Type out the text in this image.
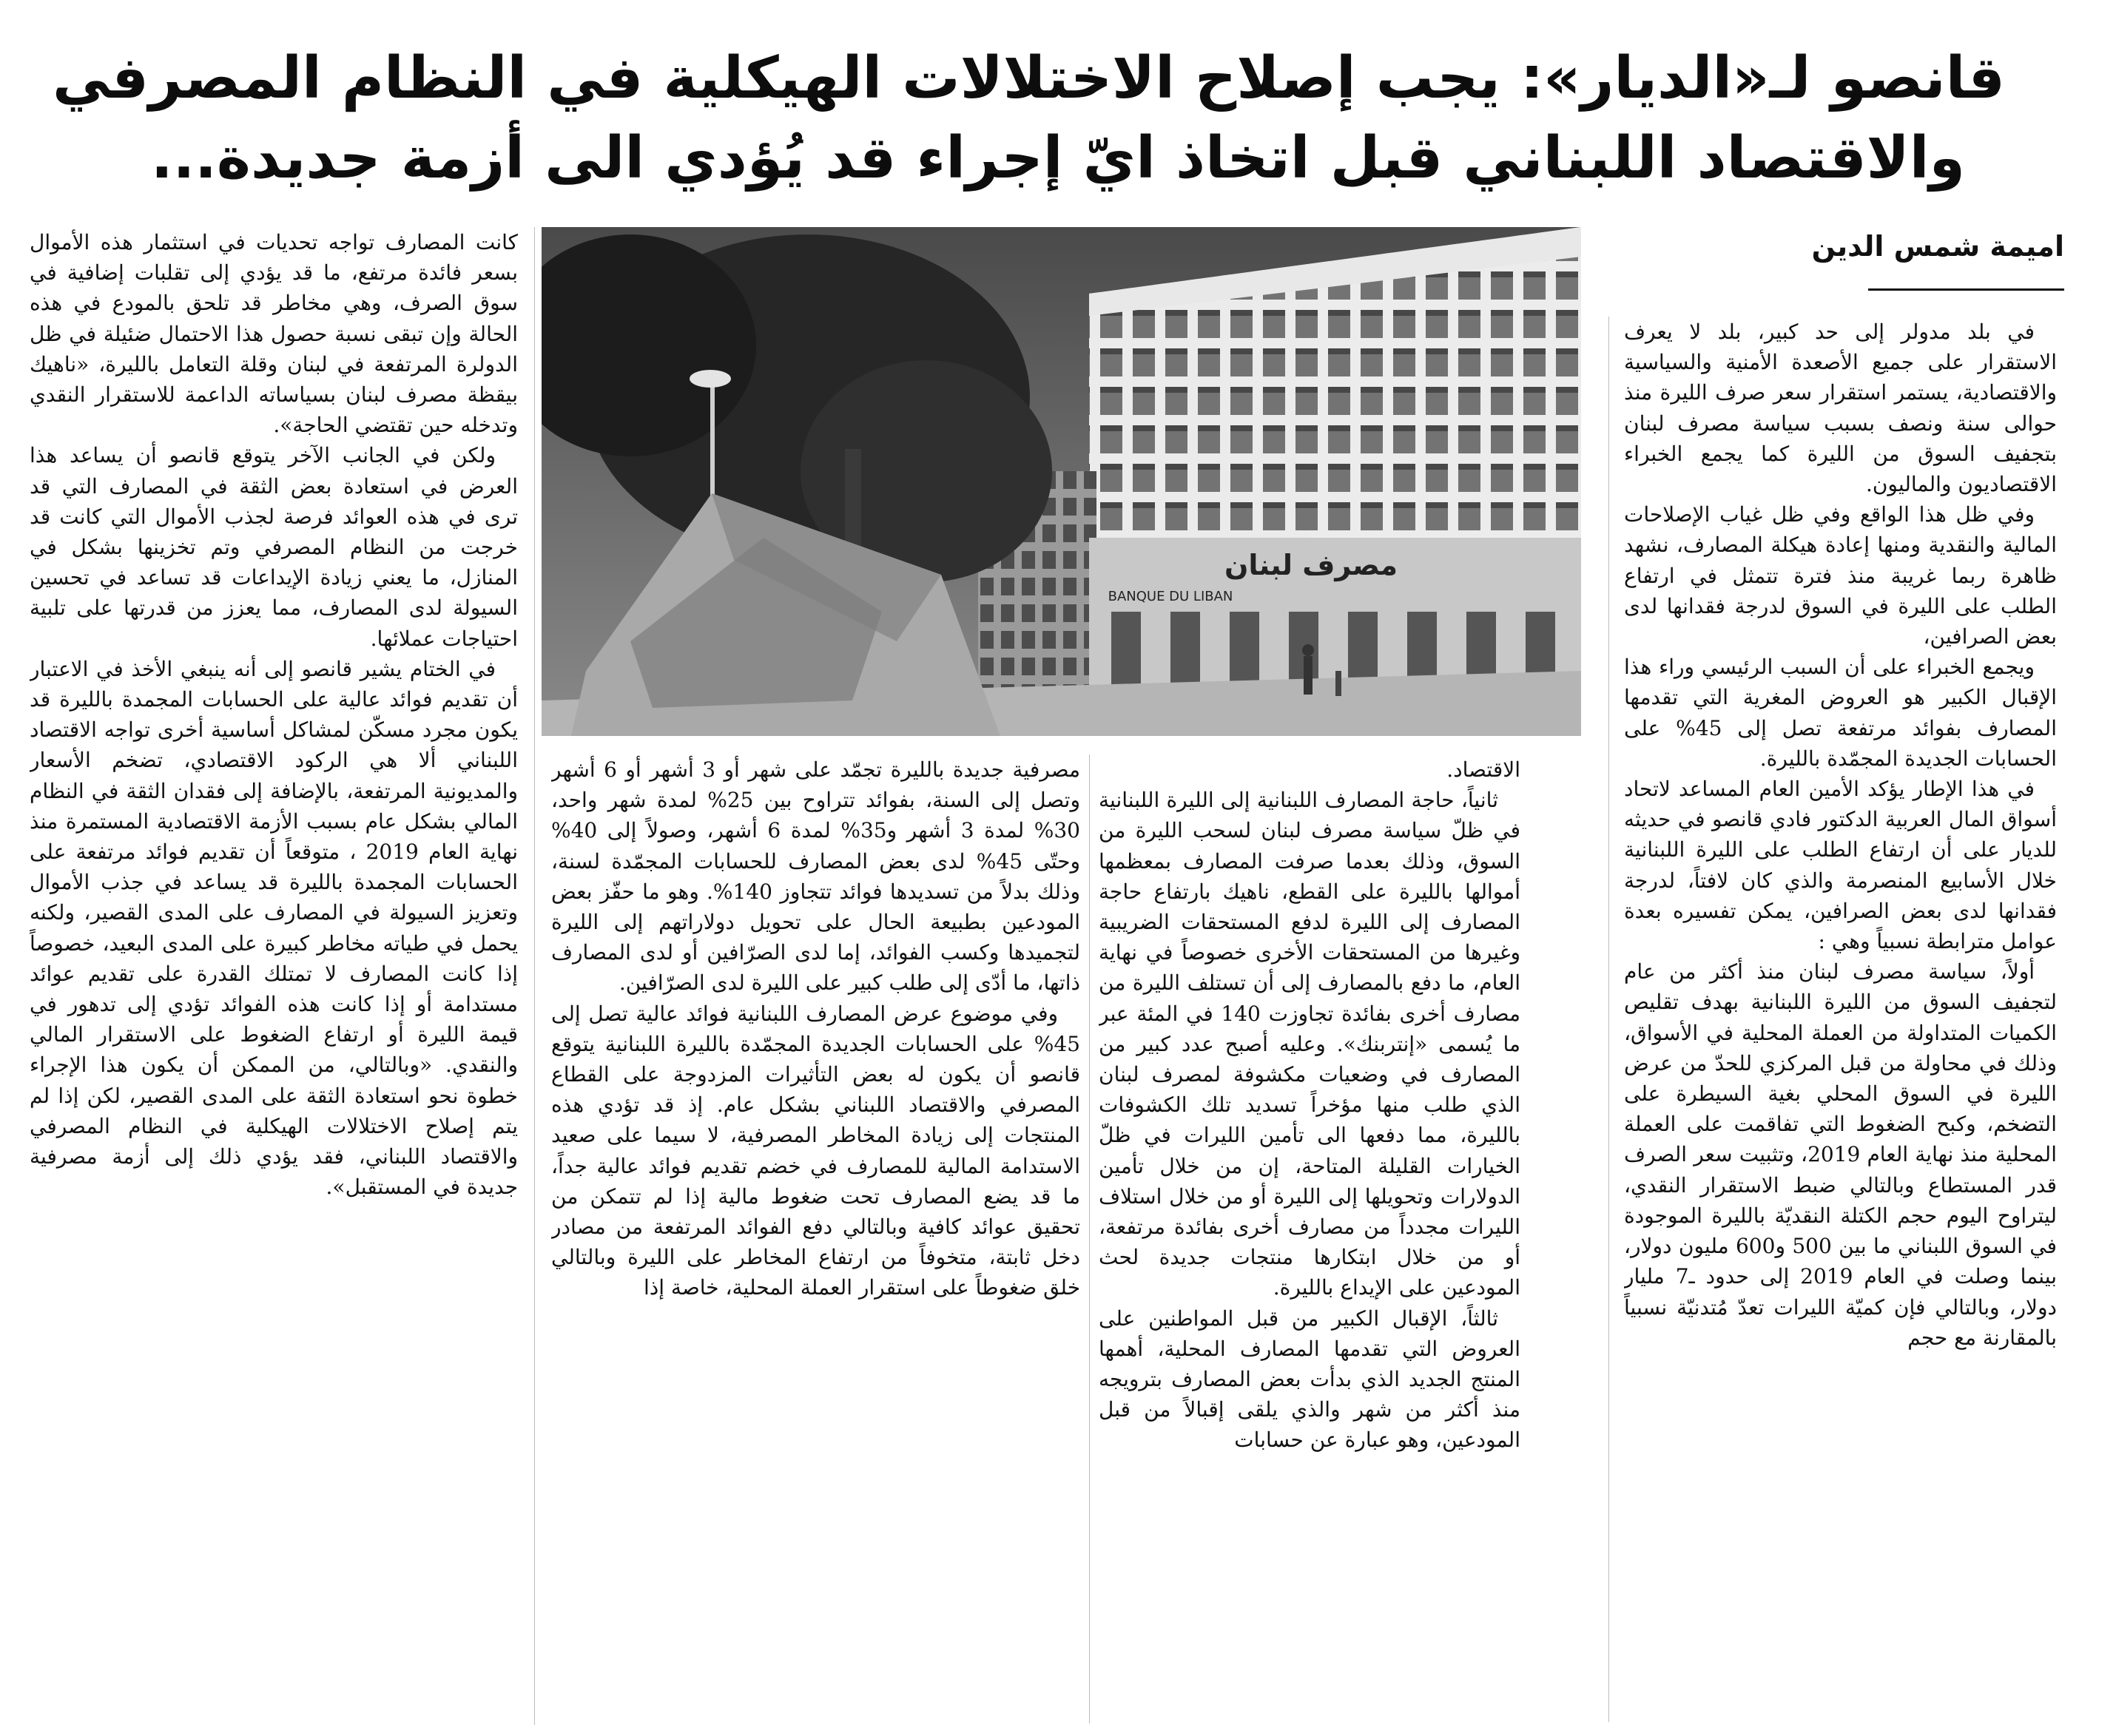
قانصو لـ«الديار»: يجب إصلاح الاختلالات الهيكلية في النظام المصرفي
والاقتصاد اللبناني قبل اتخاذ ايّ إجراء قد يُؤدي الى أزمة جديدة...
مصرف لبنان
BANQUE DU LIBAN
اميمة شمس الدين

في بلد مدولر إلى حد كبير، بلد لا يعرف الاستقرار على جميع الأصعدة الأمنية والسياسية والاقتصادية، يستمر استقرار سعر صرف الليرة منذ حوالى سنة ونصف بسبب سياسة مصرف لبنان بتجفيف السوق من الليرة كما يجمع الخبراء الاقتصاديون والماليون.

وفي ظل هذا الواقع وفي ظل غياب الإصلاحات المالية والنقدية ومنها إعادة هيكلة المصارف، نشهد ظاهرة ربما غريبة منذ فترة تتمثل في ارتفاع الطلب على الليرة في السوق لدرجة فقدانها لدى بعض الصرافين،

ويجمع الخبراء على أن السبب الرئيسي وراء هذا الإقبال الكبير هو العروض المغرية التي تقدمها المصارف بفوائد مرتفعة تصل إلى 45% على الحسابات الجديدة المجمّدة بالليرة.

في هذا الإطار يؤكد الأمين العام المساعد لاتحاد أسواق المال العربية الدكتور فادي قانصو في حديثه للديار على أن ارتفاع الطلب على الليرة اللبنانية خلال الأسابيع المنصرمة والذي كان لافتاً، لدرجة فقدانها لدى بعض الصرافين، يمكن تفسيره بعدة عوامل مترابطة نسبياً وهي :

أولاً، سياسة مصرف لبنان منذ أكثر من عام لتجفيف السوق من الليرة اللبنانية بهدف تقليص الكميات المتداولة من العملة المحلية في الأسواق، وذلك في محاولة من قبل المركزي للحدّ من عرض الليرة في السوق المحلي بغية السيطرة على التضخم، وكبح الضغوط التي تفاقمت على العملة المحلية منذ نهاية العام 2019، وتثبيت سعر الصرف قدر المستطاع وبالتالي ضبط الاستقرار النقدي، ليتراوح اليوم حجم الكتلة النقديّة بالليرة الموجودة في السوق اللبناني ما بين 500 و600 مليون دولار، بينما وصلت في العام 2019 إلى حدود ـ7 مليار دولار، وبالتالي فإن كميّة الليرات تعدّ مُتدنيّة نسبياً بالمقارنة مع حجم

الاقتصاد.

ثانياً، حاجة المصارف اللبنانية إلى الليرة اللبنانية في ظلّ سياسة مصرف لبنان لسحب الليرة من السوق، وذلك بعدما صرفت المصارف بمعظمها أموالها بالليرة على القطع، ناهيك بارتفاع حاجة المصارف إلى الليرة لدفع المستحقات الضريبية وغيرها من المستحقات الأخرى خصوصاً في نهاية العام، ما دفع بالمصارف إلى أن تستلف الليرة من مصارف أخرى بفائدة تجاوزت 140 في المئة عبر ما يُسمى «إنتربنك». وعليه أصبح عدد كبير من المصارف في وضعيات مكشوفة لمصرف لبنان الذي طلب منها مؤخراً تسديد تلك الكشوفات بالليرة، مما دفعها الى تأمين الليرات في ظلّ الخيارات القليلة المتاحة، إن من خلال تأمين الدولارات وتحويلها إلى الليرة أو من خلال استلاف الليرات مجدداً من مصارف أخرى بفائدة مرتفعة، أو من خلال ابتكارها منتجات جديدة لحث المودعين على الإيداع بالليرة.

ثالثاً، الإقبال الكبير من قبل المواطنين على العروض التي تقدمها المصارف المحلية، أهمها المنتج الجديد الذي بدأت بعض المصارف بترويجه منذ أكثر من شهر والذي يلقى إقبالاً من قبل المودعين، وهو عبارة عن حسابات

مصرفية جديدة بالليرة تجمّد على شهر أو 3 أشهر أو 6 أشهر وتصل إلى السنة، بفوائد تتراوح بين 25% لمدة شهر واحد، 30% لمدة 3 أشهر و35% لمدة 6 أشهر، وصولاً إلى 40% وحتّى 45% لدى بعض المصارف للحسابات المجمّدة لسنة، وذلك بدلاً من تسديدها فوائد تتجاوز 140%. وهو ما حفّز بعض المودعين بطبيعة الحال على تحويل دولاراتهم إلى الليرة لتجميدها وكسب الفوائد، إما لدى الصرّافين أو لدى المصارف ذاتها، ما أدّى إلى طلب كبير على الليرة لدى الصرّافين.

وفي موضوع عرض المصارف اللبنانية فوائد عالية تصل إلى 45% على الحسابات الجديدة المجمّدة بالليرة اللبنانية يتوقع قانصو أن يكون له بعض التأثيرات المزدوجة على القطاع المصرفي والاقتصاد اللبناني بشكل عام. إذ قد تؤدي هذه المنتجات إلى زيادة المخاطر المصرفية، لا سيما على صعيد الاستدامة المالية للمصارف في خضم تقديم فوائد عالية جداً، ما قد يضع المصارف تحت ضغوط مالية إذا لم تتمكن من تحقيق عوائد كافية وبالتالي دفع الفوائد المرتفعة من مصادر دخل ثابتة، متخوفاً من ارتفاع المخاطر على الليرة وبالتالي خلق ضغوطاً على استقرار العملة المحلية، خاصة إذا

كانت المصارف تواجه تحديات في استثمار هذه الأموال بسعر فائدة مرتفع، ما قد يؤدي إلى تقلبات إضافية في سوق الصرف، وهي مخاطر قد تلحق بالمودع في هذه الحالة وإن تبقى نسبة حصول هذا الاحتمال ضئيلة في ظل الدولرة المرتفعة في لبنان وقلة التعامل بالليرة، «ناهيك بيقظة مصرف لبنان بسياساته الداعمة للاستقرار النقدي وتدخله حين تقتضي الحاجة».

ولكن في الجانب الآخر يتوقع قانصو أن يساعد هذا العرض في استعادة بعض الثقة في المصارف التي قد ترى في هذه العوائد فرصة لجذب الأموال التي كانت قد خرجت من النظام المصرفي وتم تخزينها بشكل في المنازل، ما يعني زيادة الإيداعات قد تساعد في تحسين السيولة لدى المصارف، مما يعزز من قدرتها على تلبية احتياجات عملائها.

في الختام يشير قانصو إلى أنه ينبغي الأخذ في الاعتبار أن تقديم فوائد عالية على الحسابات المجمدة بالليرة قد يكون مجرد مسكّن لمشاكل أساسية أخرى تواجه الاقتصاد اللبناني ألا هي الركود الاقتصادي، تضخم الأسعار والمديونية المرتفعة، بالإضافة إلى فقدان الثقة في النظام المالي بشكل عام بسبب الأزمة الاقتصادية المستمرة منذ نهاية العام 2019 ، متوقعاً أن تقديم فوائد مرتفعة على الحسابات المجمدة بالليرة قد يساعد في جذب الأموال وتعزيز السيولة في المصارف على المدى القصير، ولكنه يحمل في طياته مخاطر كبيرة على المدى البعيد، خصوصاً إذا كانت المصارف لا تمتلك القدرة على تقديم عوائد مستدامة أو إذا كانت هذه الفوائد تؤدي إلى تدهور في قيمة الليرة أو ارتفاع الضغوط على الاستقرار المالي والنقدي. «وبالتالي، من الممكن أن يكون هذا الإجراء خطوة نحو استعادة الثقة على المدى القصير، لكن إذا لم يتم إصلاح الاختلالات الهيكلية في النظام المصرفي والاقتصاد اللبناني، فقد يؤدي ذلك إلى أزمة مصرفية جديدة في المستقبل».
